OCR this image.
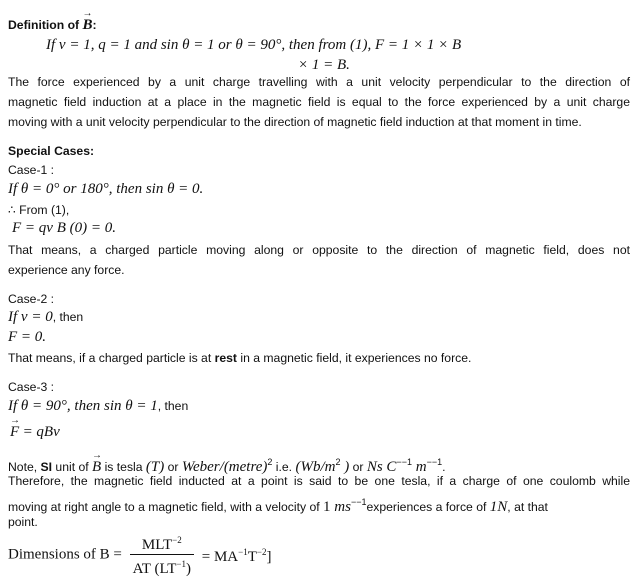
Definition of
→
B:
If v = 1, q = 1 and sin θ = 1 or θ = 90°, then from (1), F = 1 × 1 × B
× 1 = B.
The force experienced by a unit charge travelling with a unit velocity perpendicular to the direction of
magnetic field induction at a place in the magnetic field is equal to the force experienced by a unit charge
moving with a unit velocity perpendicular to the direction of magnetic field induction at that moment in time.
Special Cases:
Case-1 :
If θ = 0° or 180°, then sin θ = 0.
∴ From (1),
F = qv B (0) = 0.
That means, a charged particle moving along or opposite to the direction of magnetic field, does not
experience any force.
Case-2 :
If v = 0, then
F = 0.
That means, if a charged particle is at rest in a magnetic field, it experiences no force.
Case-3 :
If θ = 90°, then sin θ = 1, then
→
F = qBv
Note, SI unit of
→
B is tesla (T) or Weber/(metre)$^2$ i.e. ($Wb/m^2$ ) or Ns $C^{--1}$ $m^{--1}$.
Therefore, the magnetic field inducted at a point is said to be one tesla, if a charge of one coulomb while
moving at right angle to a magnetic field, with a velocity of 1 $ms^{--1}experiences$ a force of 1N, at that
point.
Dimensions of $B = \frac{MLT^{-2}}{AT (LT^{-1})} = MA^{-1}T^{-2}$]
